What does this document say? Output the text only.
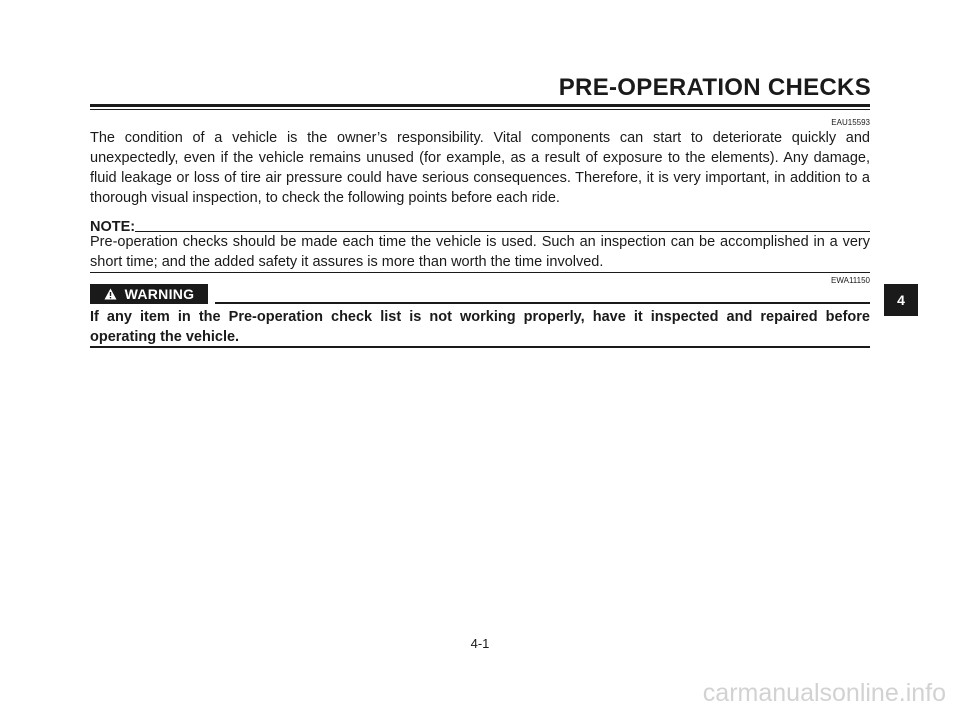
PRE-OPERATION CHECKS
EAU15593

The condition of a vehicle is the owner’s responsibility. Vital components can start to deteriorate quickly and unexpectedly, even if the vehicle remains unused (for example, as a result of exposure to the elements). Any damage, fluid leakage or loss of tire air pressure could have serious consequences. Therefore, it is very important, in addition to a thorough visual inspection, to check the following points before each ride.

NOTE:

Pre-operation checks should be made each time the vehicle is used. Such an inspection can be accomplished in a very short time; and the added safety it assures is more than worth the time involved.

EWA11150
WARNING

If any item in the Pre-operation check list is not working properly, have it inspected and repaired before operating the vehicle.

4
4-1
carmanualsonline.info
